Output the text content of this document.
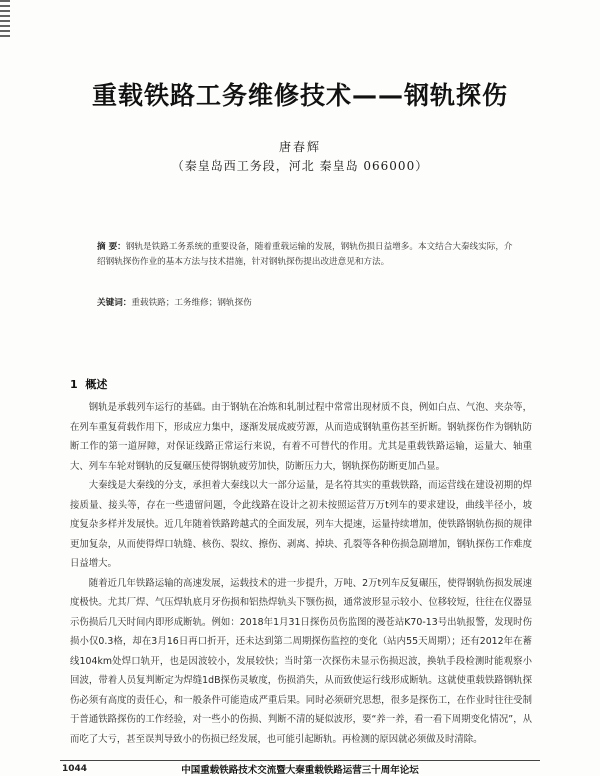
重载铁路工务维修技术——钢轨探伤
唐春辉
（秦皇岛西工务段，河北 秦皇岛 066000）
摘 要：钢轨是铁路工务系统的重要设备，随着重载运输的发展，钢轨伤损日益增多。本文结合大秦线实际，介绍钢轨探伤作业的基本方法与技术措施，针对钢轨探伤提出改进意见和方法。
关键词：重载铁路；工务维修；钢轨探伤
1 概述

钢轨是承载列车运行的基础。由于钢轨在冶炼和轧制过程中常常出现材质不良，例如白点、气泡、夹杂等，在列车重复荷载作用下，形成应力集中，逐渐发展成疲劳源，从而造成钢轨重伤甚至折断。钢轨探伤作为钢轨防断工作的第一道屏障，对保证线路正常运行来说，有着不可替代的作用。尤其是重载铁路运输，运量大、轴重大、列车车轮对钢轨的反复碾压使得钢轨疲劳加快，防断压力大，钢轨探伤防断更加凸显。

大秦线是大秦线的分支，承担着大秦线以大一部分运量，是名符其实的重载铁路，而运营线在建设初期的焊接质量、接头等，存在一些遗留问题，令此线路在设计之初未按照运营万万t列车的要求建设，曲线半径小，坡度复杂多样并发展快。近几年随着铁路跨越式的全面发展，列车大提速，运量持续增加，使铁路钢轨伤损的规律更加复杂，从而使得焊口轨缝、核伤、裂纹、擦伤、剥离、掉块、孔裂等各种伤损急剧增加，钢轨探伤工作难度日益增大。

随着近几年铁路运输的高速发展，运载技术的进一步提升，万吨、2万t列车反复碾压，使得钢轨伤损发展速度极快。尤其厂焊、气压焊轨底月牙伤损和铝热焊轨头下颚伤损，通常波形显示较小、位移较短，往往在仪器显示伤损后几天时间内即形成断轨。例如：2018年1月31日探伤员伤监图的漫苍站K70-13号出轨报警，发现时伤损小仅0.3格，却在3月16日再口折开，还未达到第二周期探伤监控的变化（站内55天周期）；还有2012年在蓄线104km处焊口轨开，也是因波较小，发展较快；当时第一次探伤未显示伤损迟波，换轨手段检测时能观察小回波，带着人员复判断定为焊缝1dB探伤灵敏度，伤损消失，从而致使运行线形成断轨。这就使重载铁路钢轨探伤必须有高度的责任心，和一般条件可能造成严重后果。同时必须研究思想，很多是探伤工，在作业时往往受制于普通铁路探伤的工作经验，对一些小的伤损、判断不清的疑似波形，要“养一养，看一看下周期变化情况”，从而吃了大亏，甚至误判导致小的伤损已经发展，也可能引起断轨。再检测的原因就必须做及时清除。

1044	中国重载铁路技术交流暨大秦重载铁路运营三十周年论坛
